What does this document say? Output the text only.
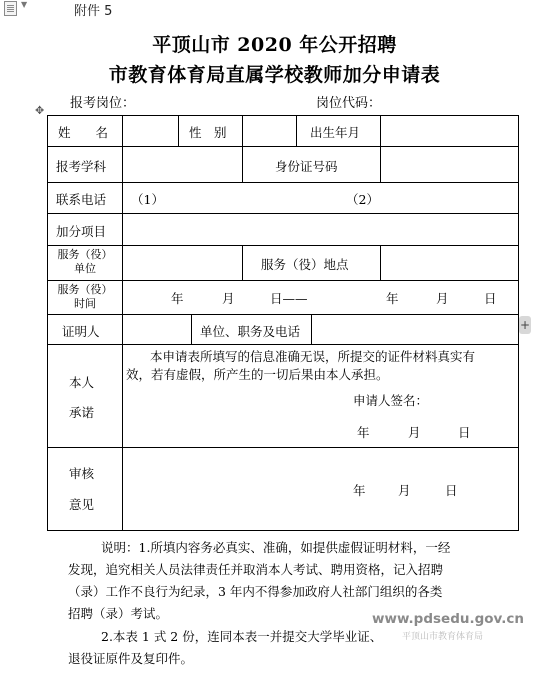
▼	附件 5
平顶山市 2020 年公开招聘
市教育体育局直属学校教师加分申请表
报考岗位：	岗位代码：
✥
姓　　名	性　别	出生年月
报考学科	身份证号码
联系电话 （1）	（2）
加分项目
服务（役）
单位	服务（役）地点
服务（役）
时间	年	月	日——	年	月	日
证明人	单位、职务及电话
本人
承诺
本申请表所填写的信息准确无误，所提交的证件材料真实有
效，若有虚假，所产生的一切后果由本人承担。
申请人签名：
年	月	日
审核
意见
年	月	日
+
说明：1.所填内容务必真实、准确，如提供虚假证明材料，一经
发现，追究相关人员法律责任并取消本人考试、聘用资格，记入招聘
（录）工作不良行为纪录，3 年内不得参加政府人社部门组织的各类
招聘（录）考试。
2.本表 1 式 2 份，连同本表一并提交大学毕业证、
退役证原件及复印件。
www.pdsedu.gov.cn
平顶山市教育体育局
